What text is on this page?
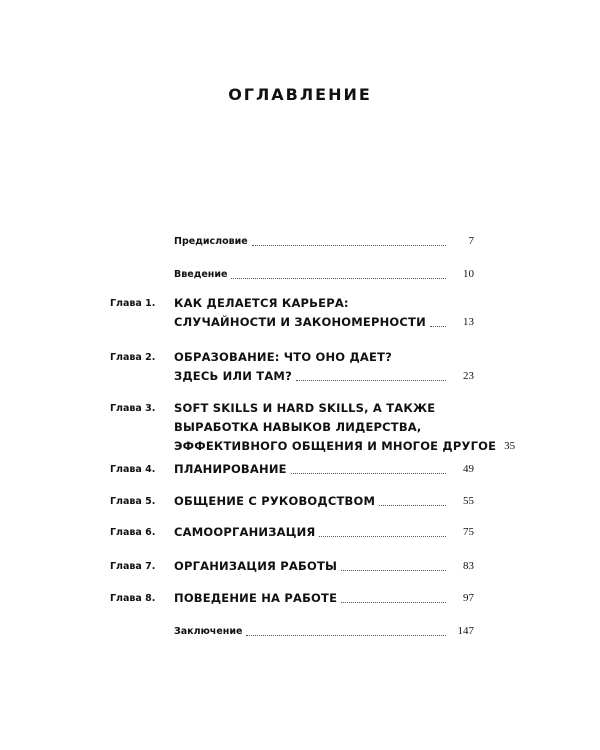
ОГЛАВЛЕНИЕ
Предисловие	7
Введение	10
Глава 1.	КАК ДЕЛАЕТСЯ КАРЬЕРА:
СЛУЧАЙНОСТИ И ЗАКОНОМЕРНОСТИ	13
Глава 2.	ОБРАЗОВАНИЕ: ЧТО ОНО ДАЕТ?
ЗДЕСЬ ИЛИ ТАМ?	23
Глава 3.	SOFT SKILLS И HARD SKILLS, А ТАКЖЕ
ВЫРАБОТКА НАВЫКОВ ЛИДЕРСТВА,
ЭФФЕКТИВНОГО ОБЩЕНИЯ И МНОГОЕ ДРУГОЕ 35
Глава 4.	ПЛАНИРОВАНИЕ	49
Глава 5.	ОБЩЕНИЕ С РУКОВОДСТВОМ	55
Глава 6.	САМООРГАНИЗАЦИЯ	75
Глава 7.	ОРГАНИЗАЦИЯ РАБОТЫ	83
Глава 8.	ПОВЕДЕНИЕ НА РАБОТЕ	97
Заключение	147
